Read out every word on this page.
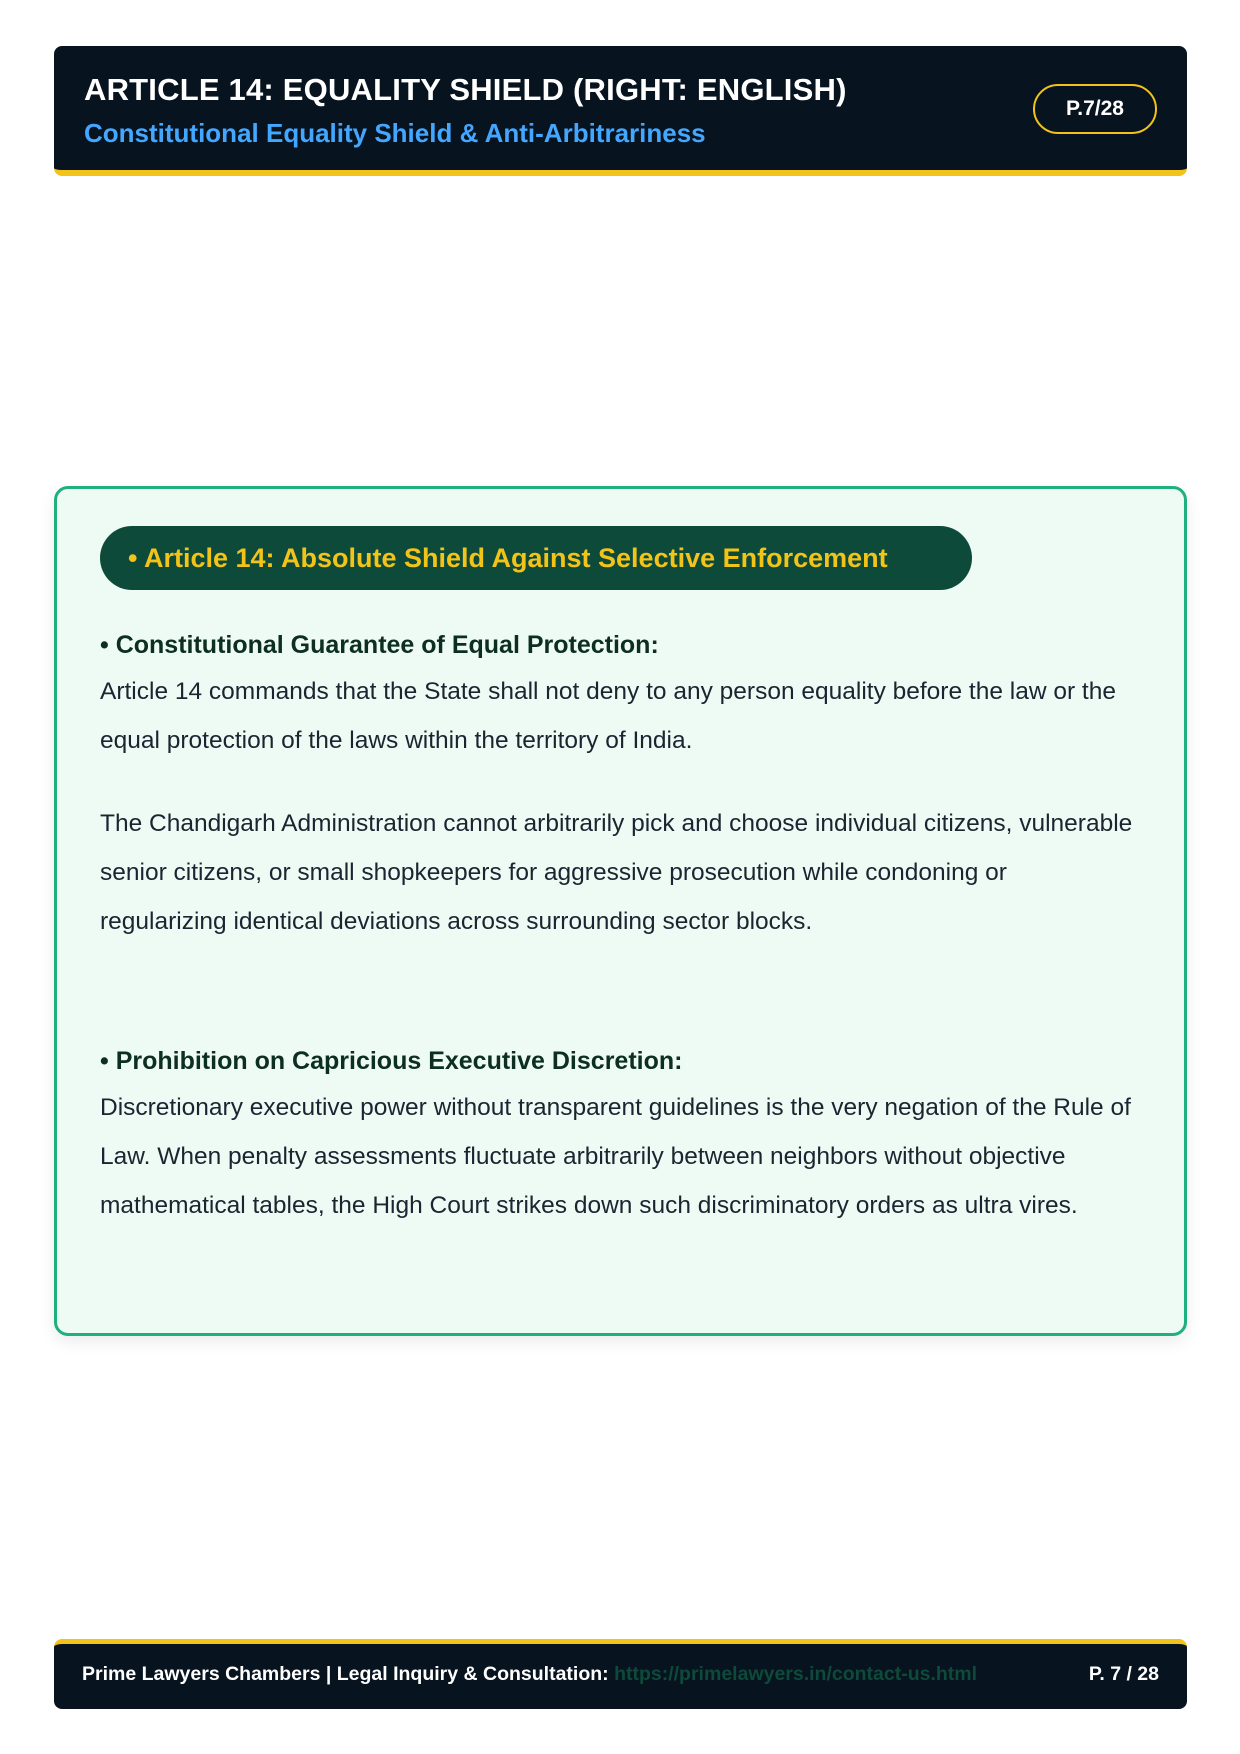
ARTICLE 14: EQUALITY SHIELD (RIGHT: ENGLISH)
Constitutional Equality Shield & Anti-Arbitrariness
P.7/28
• Article 14: Absolute Shield Against Selective Enforcement
• Constitutional Guarantee of Equal Protection:

Article 14 commands that the State shall not deny to any person equality before the law or the equal protection of the laws within the territory of India.

The Chandigarh Administration cannot arbitrarily pick and choose individual citizens, vulnerable senior citizens, or small shopkeepers for aggressive prosecution while condoning or regularizing identical deviations across surrounding sector blocks.

• Prohibition on Capricious Executive Discretion:

Discretionary executive power without transparent guidelines is the very negation of the Rule of Law. When penalty assessments fluctuate arbitrarily between neighbors without objective mathematical tables, the High Court strikes down such discriminatory orders as ultra vires.

Prime Lawyers Chambers | Legal Inquiry & Consultation: https://primelawyers.in/contact-us.html	P. 7 / 28
